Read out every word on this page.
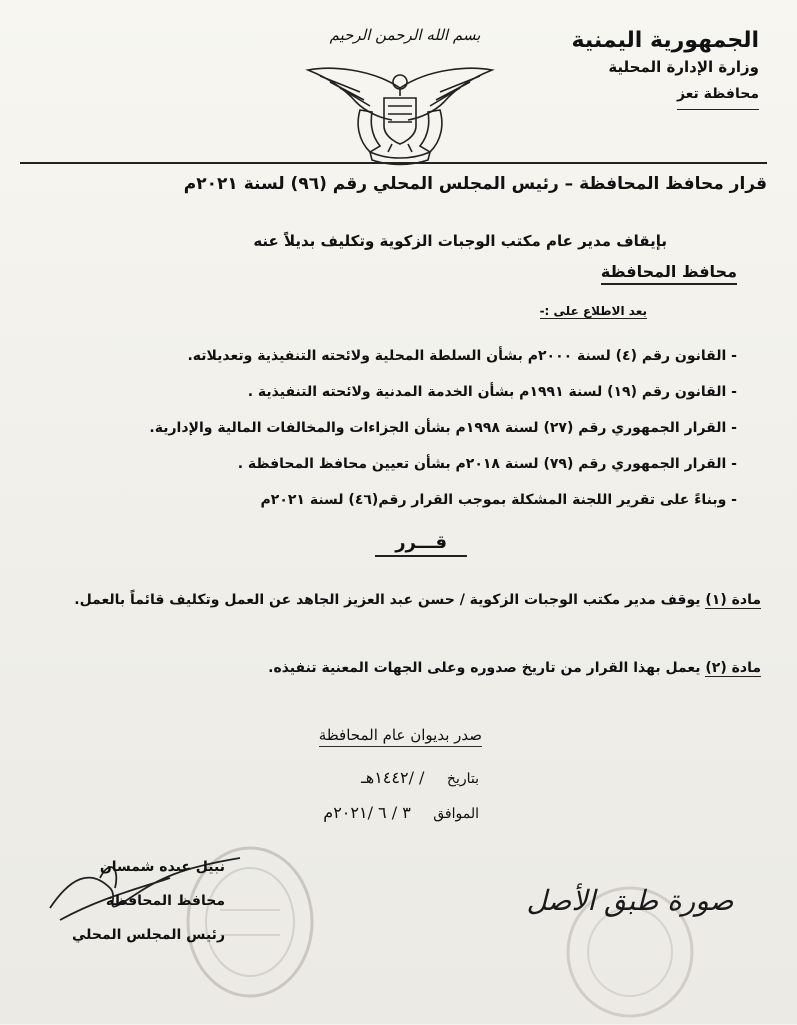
الجمهورية اليمنية
وزارة الإدارة المحلية
محافظة تعز
بسم الله الرحمن الرحيم
قرار محافظ المحافظة – رئيس المجلس المحلي رقم (٩٦) لسنة ٢٠٢١م
بإيقاف مدير عام مكتب الوجبات الزكوية وتكليف بديلاً عنه
محافظ المحافظة
بعد الاطلاع على :-
- القانون رقم (٤) لسنة ٢٠٠٠م بشأن السلطة المحلية ولائحته التنفيذية وتعديلاته.
- القانون رقم (١٩) لسنة ١٩٩١م بشأن الخدمة المدنية ولائحته التنفيذية .
- القرار الجمهوري رقم (٢٧) لسنة ١٩٩٨م بشأن الجزاءات والمخالفات المالية والإدارية.
- القرار الجمهوري رقم (٧٩) لسنة ٢٠١٨م بشأن تعيين محافظ المحافظة .
- وبناءً على تقرير اللجنة المشكلة بموجب القرار رقم(٤٦) لسنة ٢٠٢١م
قـــرر
مادة (١) يوقف مدير مكتب الوجبات الزكوية / حسن عبد العزيز الجاهد عن العمل وتكليف قائماً بالعمل.
مادة (٢) يعمل بهذا القرار من تاريخ صدوره وعلى الجهات المعنية تنفيذه.
صدر بديوان عام المحافظة
بتاريخ / /١٤٤٢هـ
الموافق ٣ / ٦ /٢٠٢١م
نبيل عبده شمسان
محافظ المحافظة
رئيس المجلس المحلي
صورة طبق الأصل
